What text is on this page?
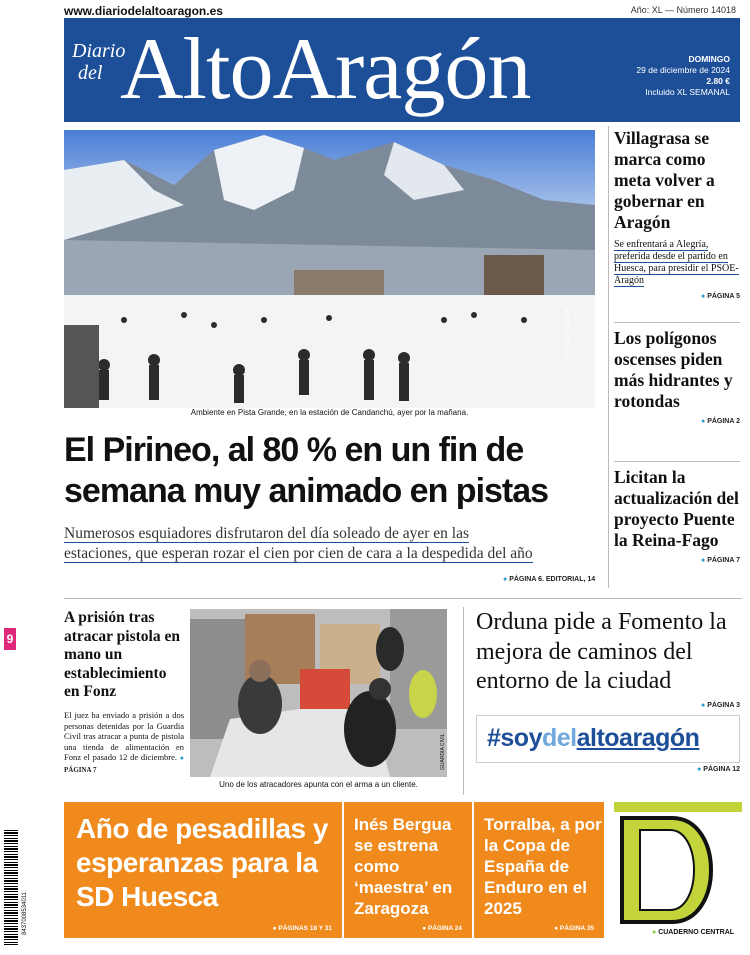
www.diariodelaltoaragon.es	Año: XL — Número 14018
Diario
del AltoAragón	DOMINGO
29 de diciembre de 2024
2.80 €
Incluido XL SEMANAL
VERÓNICA LACASA
Ambiente en Pista Grande, en la estación de Candanchú, ayer por la mañana.
El Pirineo, al 80 % en un fin de
semana muy animado en pistas
Numerosos esquiadores disfrutaron del día soleado de ayer en las
estaciones, que esperan rozar el cien por cien de cara a la despedida del año
● PÁGINA 6. EDITORIAL, 14
Villagrasa se marca como meta volver a gobernar en Aragón
Se enfrentará a Alegría, preferida desde el partido en Huesca, para presidir el PSOE-Aragón
● PÁGINA 5
Los polígonos oscenses piden más hidrantes y rotondas
● PÁGINA 2
Licitan la actualización del proyecto Puente la Reina-Fago
● PÁGINA 7
9
8437008534011
A prisión tras atracar pistola en mano un establecimiento en Fonz
El juez ha enviado a prisión a dos personas detenidas por la Guardia Civil tras atracar a punta de pistola una tienda de alimentación en Fonz el pasado 12 de diciembre. ● PÁGINA 7	GUARDIA CIVIL
Uno de los atracadores apunta con el arma a un cliente.
Orduna pide a Fomento la mejora de caminos del entorno de la ciudad
● PÁGINA 3
#soydelaltoaragón
● PÁGINA 12
Año de pesadillas y esperanzas para la SD Huesca
● PÁGINAS 18 Y 31
Inés Bergua se estrena como ‘maestra’ en Zaragoza
● PÁGINA 24
Torralba, a por la Copa de España de Enduro en el 2025
● PÁGINA 35
● CUADERNO CENTRAL
